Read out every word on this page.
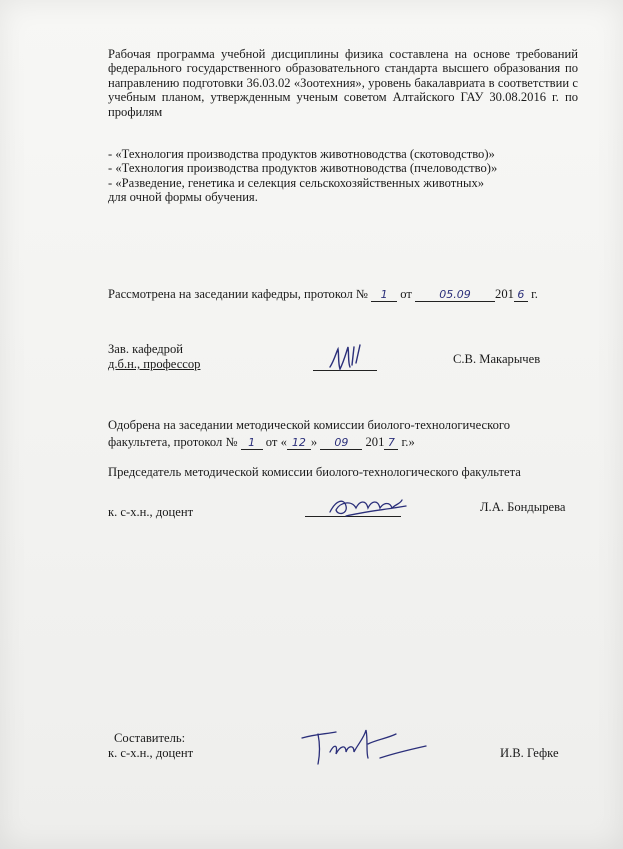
Рабочая программа учебной дисциплины физика составлена на основе требований федерального государственного образовательного стандарта высшего образования по направлению подготовки 36.03.02 «Зоотехния», уровень бакалавриата в соответствии с учебным планом, утвержденным ученым советом Алтайского ГАУ 30.08.2016 г. по профилям

- «Технология производства продуктов животноводства (скотоводство)»
- «Технология производства продуктов животноводства (пчеловодство)»
- «Разведение, генетика и селекция сельскохозяйственных животных»
для очной формы обучения.
Рассмотрена на заседании кафедры, протокол № 1 от 05.09 201 6 г.
Зав. кафедрой
д.б.н., профессор	С.В. Макарычев
Одобрена на заседании методической комиссии биолого-технологического
факультета, протокол № 1 от « 12 » 09 201 7 г.»
Председатель методической комиссии биолого-технологического факультета
к. с-х.н., доцент	Л.А. Бондырева
Составитель:
к. с-х.н., доцент	И.В. Гефке
